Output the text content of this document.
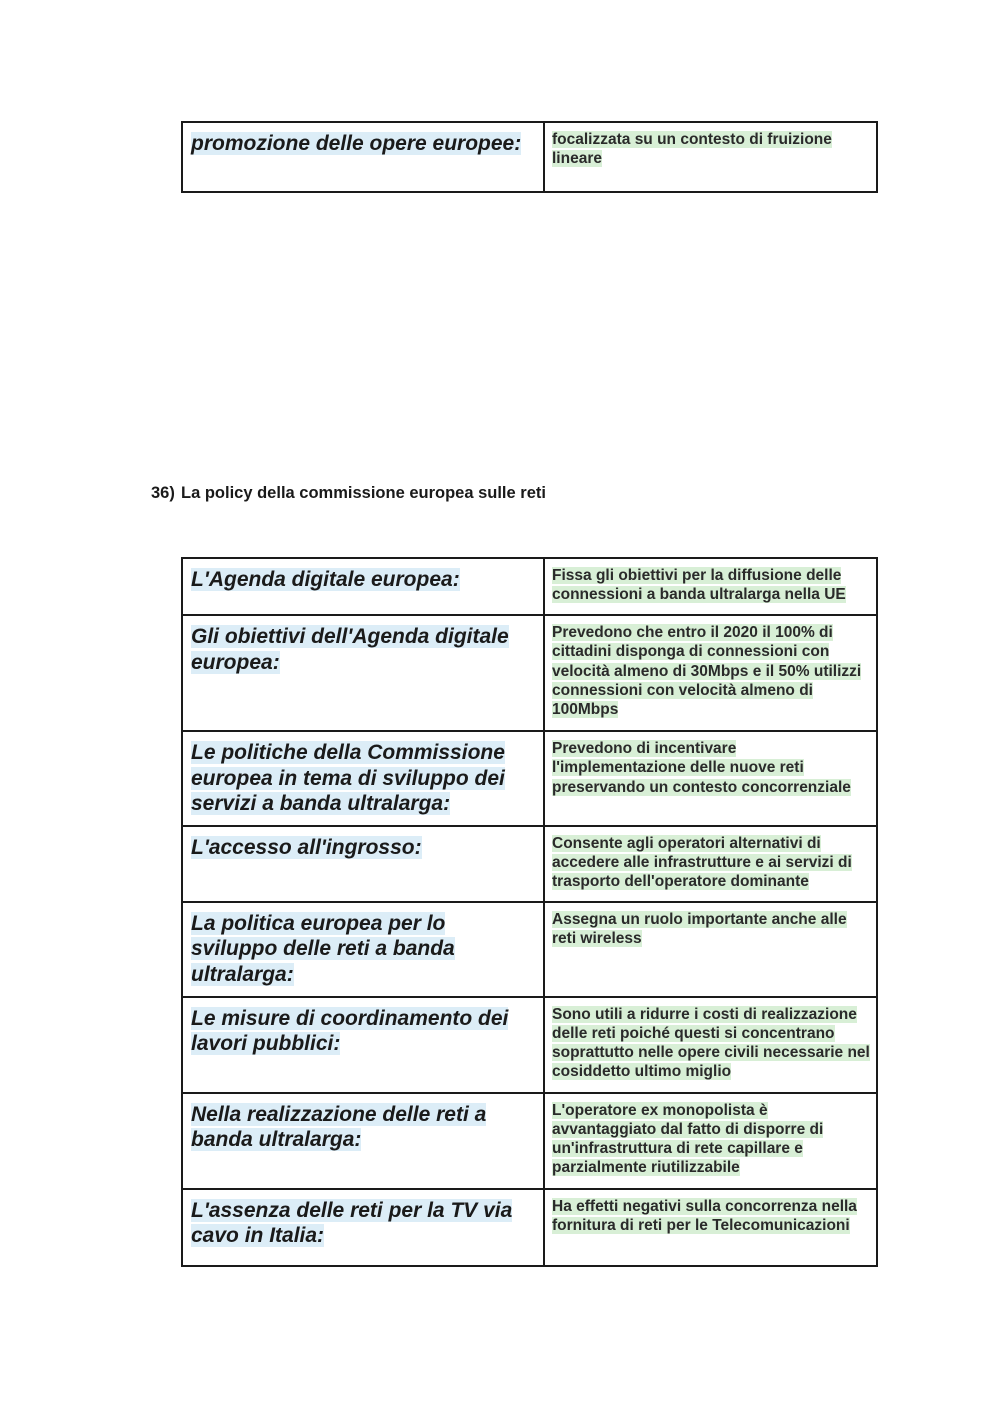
promozione delle opere europee:	focalizzata su un contesto di fruizione lineare
36) La policy della commissione europea sulle reti
L'Agenda digitale europea:	Fissa gli obiettivi per la diffusione delle connessioni a banda ultralarga nella UE
Gli obiettivi dell'Agenda digitale europea:	Prevedono che entro il 2020 il 100% di cittadini disponga di connessioni con velocità almeno di 30Mbps e il 50% utilizzi connessioni con velocità almeno di 100Mbps
Le politiche della Commissione europea in tema di sviluppo dei servizi a banda ultralarga:	Prevedono di incentivare l'implementazione delle nuove reti preservando un contesto concorrenziale
L'accesso all'ingrosso:	Consente agli operatori alternativi di accedere alle infrastrutture e ai servizi di trasporto dell'operatore dominante
La politica europea per lo sviluppo delle reti a banda ultralarga:	Assegna un ruolo importante anche alle reti wireless
Le misure di coordinamento dei lavori pubblici:	Sono utili a ridurre i costi di realizzazione delle reti poiché questi si concentrano soprattutto nelle opere civili necessarie nel cosiddetto ultimo miglio
Nella realizzazione delle reti a banda ultralarga:	L'operatore ex monopolista è avvantaggiato dal fatto di disporre di un'infrastruttura di rete capillare e parzialmente riutilizzabile
L'assenza delle reti per la TV via cavo in Italia:	Ha effetti negativi sulla concorrenza nella fornitura di reti per le Telecomunicazioni
